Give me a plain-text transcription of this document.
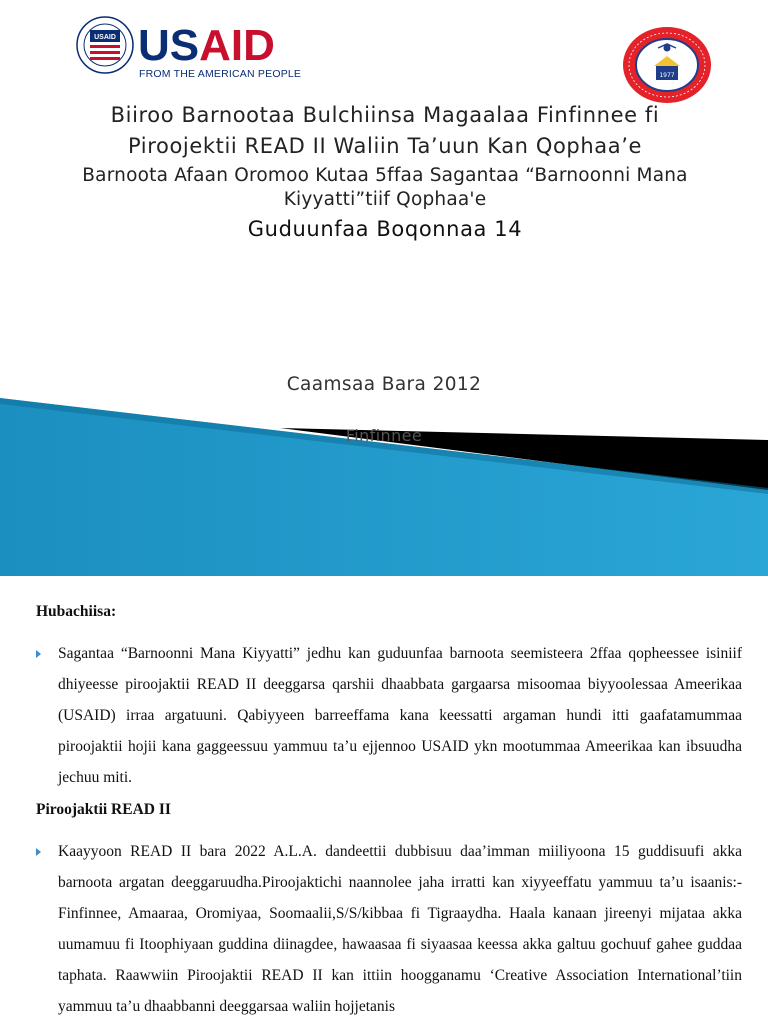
USAID USAID
FROM THE AMERICAN PEOPLE	1977
Biiroo Barnootaa Bulchiinsa Magaalaa Finfinnee fi
Piroojektii READ II Waliin Ta’uun Kan Qophaa’e
Barnoota Afaan Oromoo Kutaa 5ffaa Sagantaa “Barnoonni Mana Kiyyatti”tiif Qophaa'e
Guduunfaa Boqonnaa 14
Caamsaa Bara 2012
Finfinnee
Hubachiisa:

Sagantaa “Barnoonni Mana Kiyyatti” jedhu kan guduunfaa barnoota seemisteera 2ffaa qopheessee isiniif dhiyeesse piroojaktii READ II deeggarsa qarshii dhaabbata gargaarsa misoomaa biyyoolessaa Ameerikaa (USAID) irraa argatuuni. Qabiyyeen barreeffama kana keessatti argaman hundi itti gaafatamummaa piroojaktii hojii kana gaggeessuu yammuu ta’u ejjennoo USAID ykn mootummaa Ameerikaa kan ibsuudha jechuu miti.

Piroojaktii READ II

Kaayyoon READ II bara 2022 A.L.A. dandeettii dubbisuu daa’imman miiliyoona 15 guddisuufi akka barnoota argatan deeggaruudha.Piroojaktichi naannolee jaha irratti kan xiyyeeffatu yammuu ta’u isaanis:- Finfinnee, Amaaraa, Oromiyaa, Soomaalii,S/S/kibbaa fi Tigraaydha. Haala kanaan jireenyi mijataa akka uumamuu fi Itoophiyaan guddina diinagdee, hawaasaa fi siyaasaa keessa akka galtuu gochuuf gahee guddaa taphata. Raawwiin Piroojaktii READ II kan ittiin hoogganamu ‘Creative Association International’tiin yammuu ta’u dhaabbanni deeggarsaa waliin hojjetanis
